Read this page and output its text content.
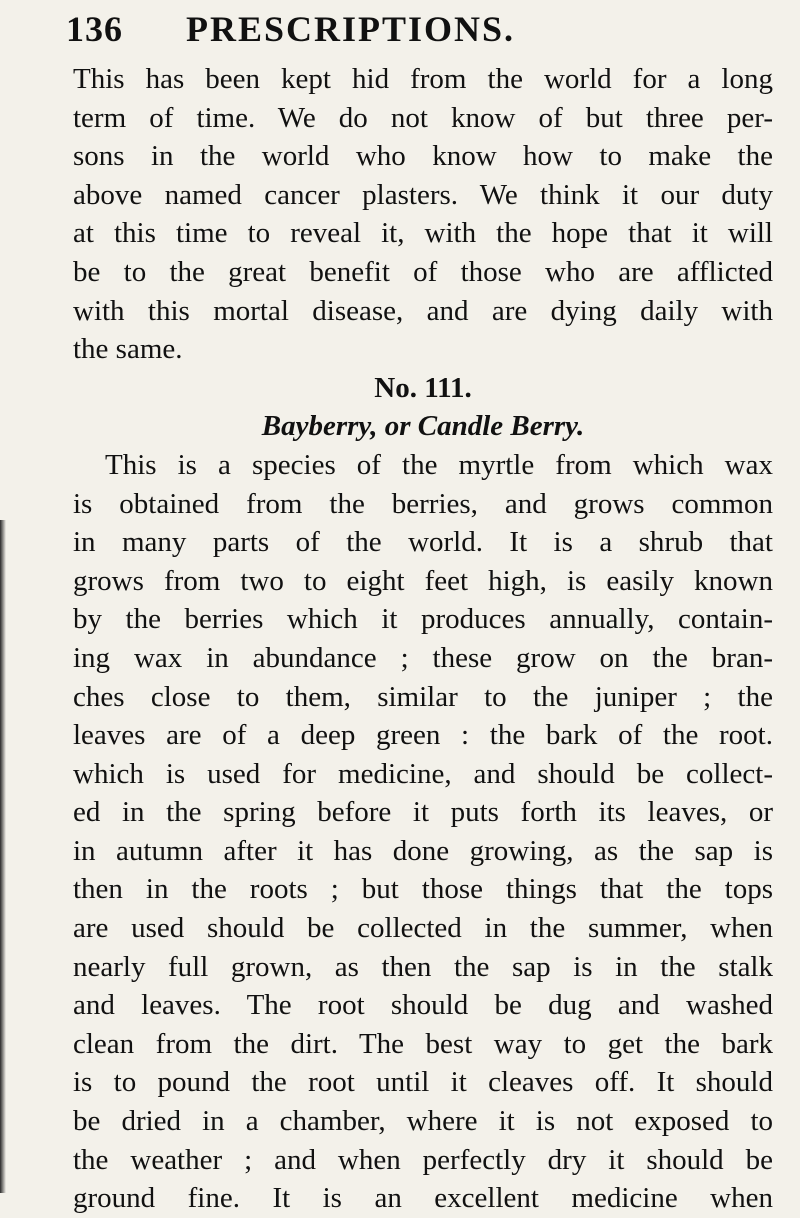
136 PRESCRIPTIONS.
This has been kept hid from the world for a long
term of time. We do not know of but three per-
sons in the world who know how to make the
above named cancer plasters. We think it our duty
at this time to reveal it, with the hope that it will
be to the great benefit of those who are afflicted
with this mortal disease, and are dying daily with
the same.
No. 111.
Bayberry, or Candle Berry.
This is a species of the myrtle from which wax
is obtained from the berries, and grows common
in many parts of the world. It is a shrub that
grows from two to eight feet high, is easily known
by the berries which it produces annually, contain-
ing wax in abundance ; these grow on the bran-
ches close to them, similar to the juniper ; the
leaves are of a deep green : the bark of the root.
which is used for medicine, and should be collect-
ed in the spring before it puts forth its leaves, or
in autumn after it has done growing, as the sap is
then in the roots ; but those things that the tops
are used should be collected in the summer, when
nearly full grown, as then the sap is in the stalk
and leaves. The root should be dug and washed
clean from the dirt. The best way to get the bark
is to pound the root until it cleaves off. It should
be dried in a chamber, where it is not exposed to
the weather ; and when perfectly dry it should be
ground fine. It is an excellent medicine when
